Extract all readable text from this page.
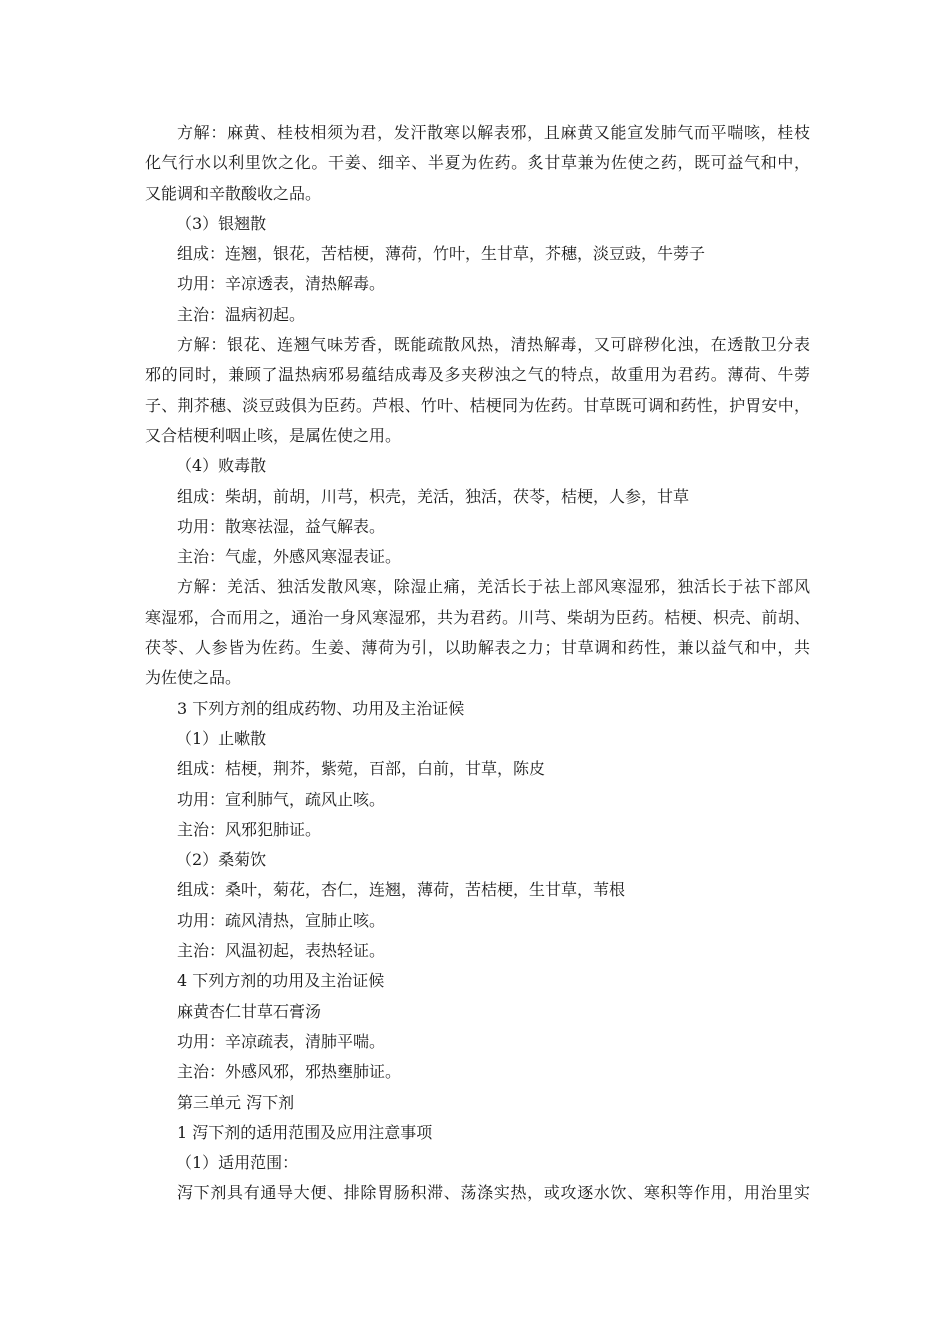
方解：麻黄、桂枝相须为君，发汗散寒以解表邪，且麻黄又能宣发肺气而平喘咳，桂枝
化气行水以利里饮之化。干姜、细辛、半夏为佐药。炙甘草兼为佐使之药，既可益气和中，
又能调和辛散酸收之品。
（3）银翘散
组成：连翘，银花，苦桔梗，薄荷，竹叶，生甘草，芥穗，淡豆豉，牛蒡子
功用：辛凉透表，清热解毒。
主治：温病初起。
方解：银花、连翘气味芳香，既能疏散风热，清热解毒，又可辟秽化浊，在透散卫分表
邪的同时，兼顾了温热病邪易蕴结成毒及多夹秽浊之气的特点，故重用为君药。薄荷、牛蒡
子、荆芥穗、淡豆豉俱为臣药。芦根、竹叶、桔梗同为佐药。甘草既可调和药性，护胃安中，
又合桔梗利咽止咳，是属佐使之用。
（4）败毒散
组成：柴胡，前胡，川芎，枳壳，羌活，独活，茯苓，桔梗，人参，甘草
功用：散寒祛湿，益气解表。
主治：气虚，外感风寒湿表证。
方解：羌活、独活发散风寒，除湿止痛，羌活长于祛上部风寒湿邪，独活长于祛下部风
寒湿邪，合而用之，通治一身风寒湿邪，共为君药。川芎、柴胡为臣药。桔梗、枳壳、前胡、
茯苓、人参皆为佐药。生姜、薄荷为引，以助解表之力；甘草调和药性，兼以益气和中，共
为佐使之品。
3 下列方剂的组成药物、功用及主治证候
（1）止嗽散
组成：桔梗，荆芥，紫菀，百部，白前，甘草，陈皮
功用：宣利肺气，疏风止咳。
主治：风邪犯肺证。
（2）桑菊饮
组成：桑叶，菊花，杏仁，连翘，薄荷，苦桔梗，生甘草，苇根
功用：疏风清热，宣肺止咳。
主治：风温初起，表热轻证。
4 下列方剂的功用及主治证候
麻黄杏仁甘草石膏汤
功用：辛凉疏表，清肺平喘。
主治：外感风邪，邪热壅肺证。
第三单元 泻下剂
1 泻下剂的适用范围及应用注意事项
（1）适用范围：
泻下剂具有通导大便、排除胃肠积滞、荡涤实热，或攻逐水饮、寒积等作用，用治里实
